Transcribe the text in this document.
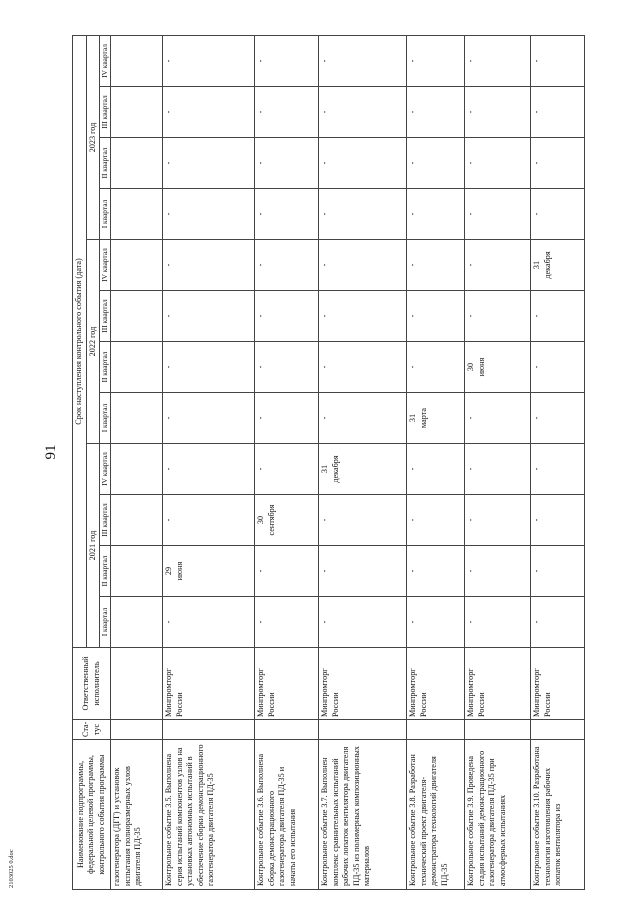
91
2103025 0.doc
Наименование подпрограммы, федеральной целевой программы, контрольного события программы	Ста-тус	Ответственный исполнитель	Срок наступления контрольного события (дата)											
			2021 год				2022 год				2023 год			
			I квартал	II квартал	III квартал	IV квартал	I квартал	II квартал	III квартал	IV квартал	I квартал	II квартал	III квартал	IV квартал
газогенератора (ДГГ) и установок испытания полноразмерных узлов двигателя ПД-35														
Контрольное событие 3.5. Выполнена серия испытаний компонентов узлов на установках автономных испытаний в обеспечение сборки демонстрационного газогенератора двигателя ПД-35		Минпромторг России	-	29 июня	-	-	-	-	-	-	-	-	-	-
Контрольное событие 3.6. Выполнена сборка демонстрационного газогенератора двигателя ПД-35 и начаты его испытания		Минпромторг России	-	-	30 сентября	-	-	-	-	-	-	-	-	-
Контрольное событие 3.7. Выполнен комплекс сравнительных испытаний рабочих лопаток вентилятора двигателя ПД-35 из полимерных композиционных материалов		Минпромторг России	-	-	-	31 декабря	-	-	-	-	-	-	-	-
Контрольное событие 3.8. Разработан технический проект двигателя-демонстратора технологий двигателя ПД-35		Минпромторг России	-	-	-	-	31 марта	-	-	-	-	-	-	-
Контрольное событие 3.9. Проведена стадия испытаний демонстрационного газогенератора двигателя ПД-35 при атмосферных испытаниях		Минпромторг России	-	-	-	-	-	30 июня	-	-	-	-	-	-
Контрольное событие 3.10. Разработана технология изготовления рабочих лопаток вентилятора из		Минпромторг России	-	-	-	-	-	-	-	31 декабря	-	-	-	-
